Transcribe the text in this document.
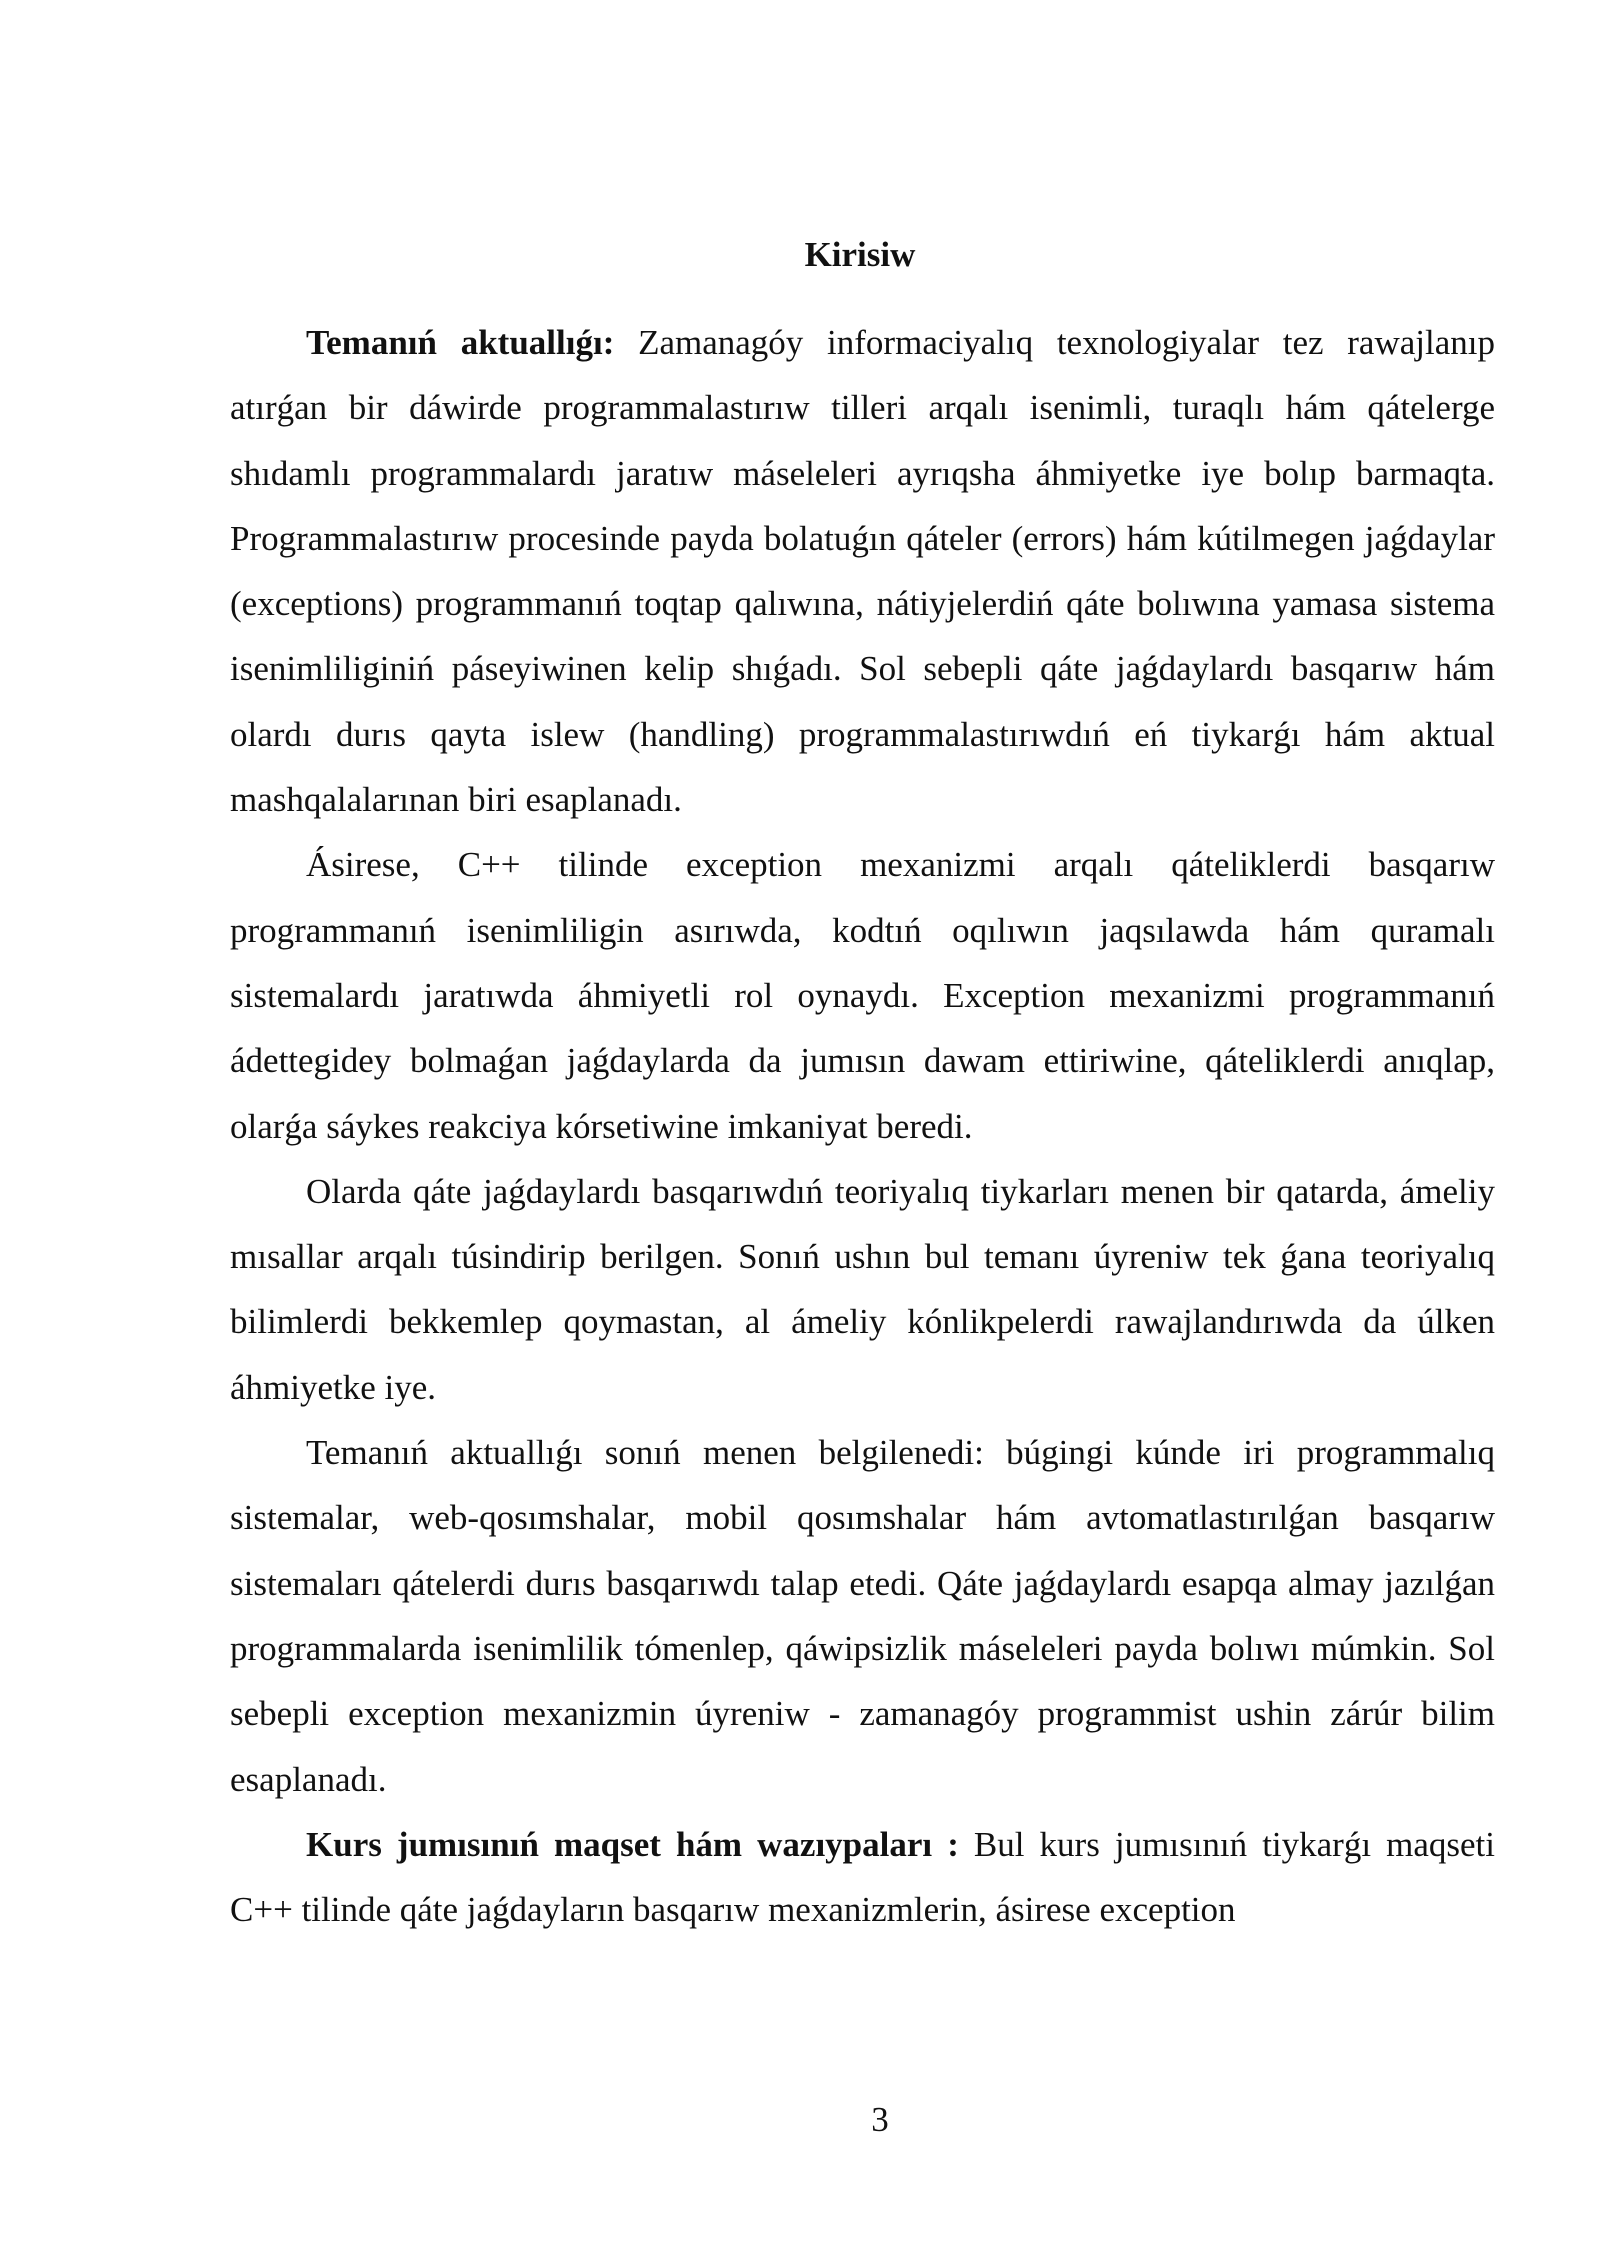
Kirisiw

Temanıń aktuallıǵı: Zamanagóy informaciyalıq texnologiyalar tez rawajlanıp atırǵan bir dáwirde programmalastırıw tilleri arqalı isenimli, turaqlı hám qátelerge shıdamlı programmalardı jaratıw máseleleri ayrıqsha áhmiyetke iye bolıp barmaqta. Programmalastırıw procesinde payda bolatuǵın qáteler (errors) hám kútilmegen jaǵdaylar (exceptions) programmanıń toqtap qalıwına, nátiyjelerdiń qáte bolıwına yamasa sistema isenimliliginiń páseyiwinen kelip shıǵadı. Sol sebepli qáte jaǵdaylardı basqarıw hám olardı durıs qayta islew (handling) programmalastırıwdıń eń tiykarǵı hám aktual mashqalalarınan biri esaplanadı.

Ásirese, C++ tilinde exception mexanizmi arqalı qáteliklerdi basqarıw programmanıń isenimliligin asırıwda, kodtıń oqılıwın jaqsılawda hám quramalı sistemalardı jaratıwda áhmiyetli rol oynaydı. Exception mexanizmi programmanıń ádettegidey bolmaǵan jaǵdaylarda da jumısın dawam ettiriwine, qáteliklerdi anıqlap, olarǵa sáykes reakciya kórsetiwine imkaniyat beredi.

Olarda qáte jaǵdaylardı basqarıwdıń teoriyalıq tiykarları menen bir qatarda, ámeliy mısallar arqalı túsindirip berilgen. Sonıń ushın bul temanı úyreniw tek ǵana teoriyalıq bilimlerdi bekkemlep qoymastan, al ámeliy kónlikpelerdi rawajlandırıwda da úlken áhmiyetke iye.

Temanıń aktuallıǵı sonıń menen belgilenedi: búgingi kúnde iri programmalıq sistemalar, web-qosımshalar, mobil qosımshalar hám avtomatlastırılǵan basqarıw sistemaları qátelerdi durıs basqarıwdı talap etedi. Qáte jaǵdaylardı esapqa almay jazılǵan programmalarda isenimlilik tómenlep, qáwipsizlik máseleleri payda bolıwı múmkin. Sol sebepli exception mexanizmin úyreniw - zamanagóy programmist ushin zárúr bilim esaplanadı.

Kurs jumısınıń maqset hám wazıypaları : Bul kurs jumısınıń tiykarǵı maqseti C++ tilinde qáte jaǵdayların basqarıw mexanizmlerin, ásirese exception

3
